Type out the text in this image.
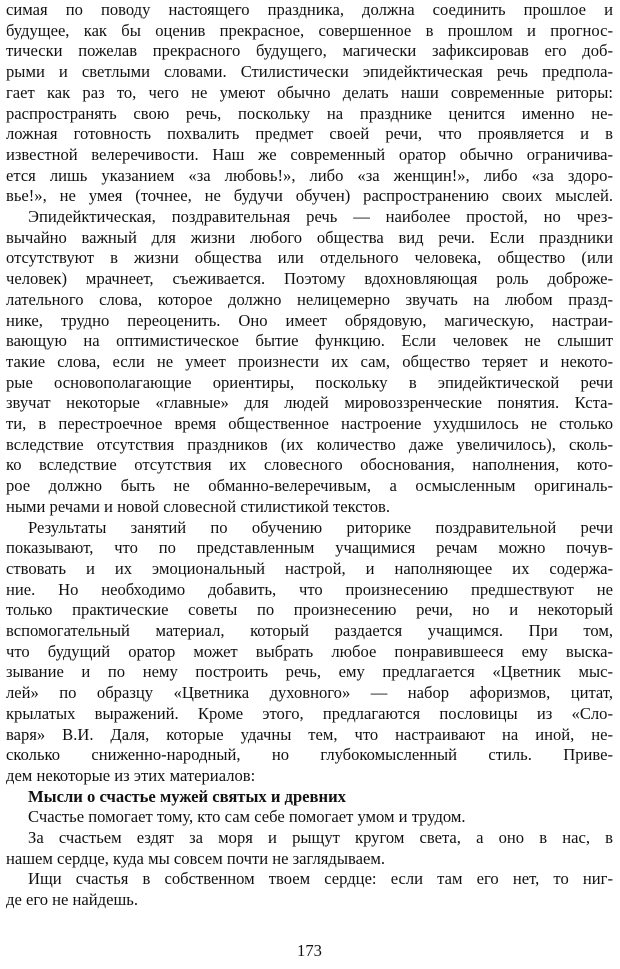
симая по поводу настоящего праздника, должна соединить прошлое и
будущее, как бы оценив прекрасное, совершенное в прошлом и прогнос-
тически пожелав прекрасного будущего, магически зафиксировав его доб-
рыми и светлыми словами. Стилистически эпидейктическая речь предпола-
гает как раз то, чего не умеют обычно делать наши современные риторы:
распространять свою речь, поскольку на празднике ценится именно не-
ложная готовность похвалить предмет своей речи, что проявляется и в
известной велеречивости. Наш же современный оратор обычно ограничива-
ется лишь указанием «за любовь!», либо «за женщин!», либо «за здоро-
вье!», не умея (точнее, не будучи обучен) распространению своих мыслей.
Эпидейктическая, поздравительная речь — наиболее простой, но чрез-
вычайно важный для жизни любого общества вид речи. Если праздники
отсутствуют в жизни общества или отдельного человека, общество (или
человек) мрачнеет, съеживается. Поэтому вдохновляющая роль доброже-
лательного слова, которое должно нелицемерно звучать на любом празд-
нике, трудно переоценить. Оно имеет обрядовую, магическую, настраи-
вающую на оптимистическое бытие функцию. Если человек не слышит
такие слова, если не умеет произнести их сам, общество теряет и некото-
рые основополагающие ориентиры, поскольку в эпидейктической речи
звучат некоторые «главные» для людей мировоззренческие понятия. Кста-
ти, в перестроечное время общественное настроение ухудшилось не столько
вследствие отсутствия праздников (их количество даже увеличилось), сколь-
ко вследствие отсутствия их словесного обоснования, наполнения, кото-
рое должно быть не обманно-велеречивым, а осмысленным оригиналь-
ными речами и новой словесной стилистикой текстов.
Результаты занятий по обучению риторике поздравительной речи
показывают, что по представленным учащимися речам можно почув-
ствовать и их эмоциональный настрой, и наполняющее их содержа-
ние. Но необходимо добавить, что произнесению предшествуют не
только практические советы по произнесению речи, но и некоторый
вспомогательный материал, который раздается учащимся. При том,
что будущий оратор может выбрать любое понравившееся ему выска-
зывание и по нему построить речь, ему предлагается «Цветник мыс-
лей» по образцу «Цветника духовного» — набор афоризмов, цитат,
крылатых выражений. Кроме этого, предлагаются пословицы из «Сло-
варя» В.И. Даля, которые удачны тем, что настраивают на иной, не-
сколько сниженно-народный, но глубокомысленный стиль. Приве-
дем некоторые из этих материалов:
Мысли о счастье мужей святых и древних
Счастье помогает тому, кто сам себе помогает умом и трудом.
За счастьем ездят за моря и рыщут кругом света, а оно в нас, в
нашем сердце, куда мы совсем почти не заглядываем.
Ищи счастья в собственном твоем сердце: если там его нет, то ниг-
де его не найдешь.
173
